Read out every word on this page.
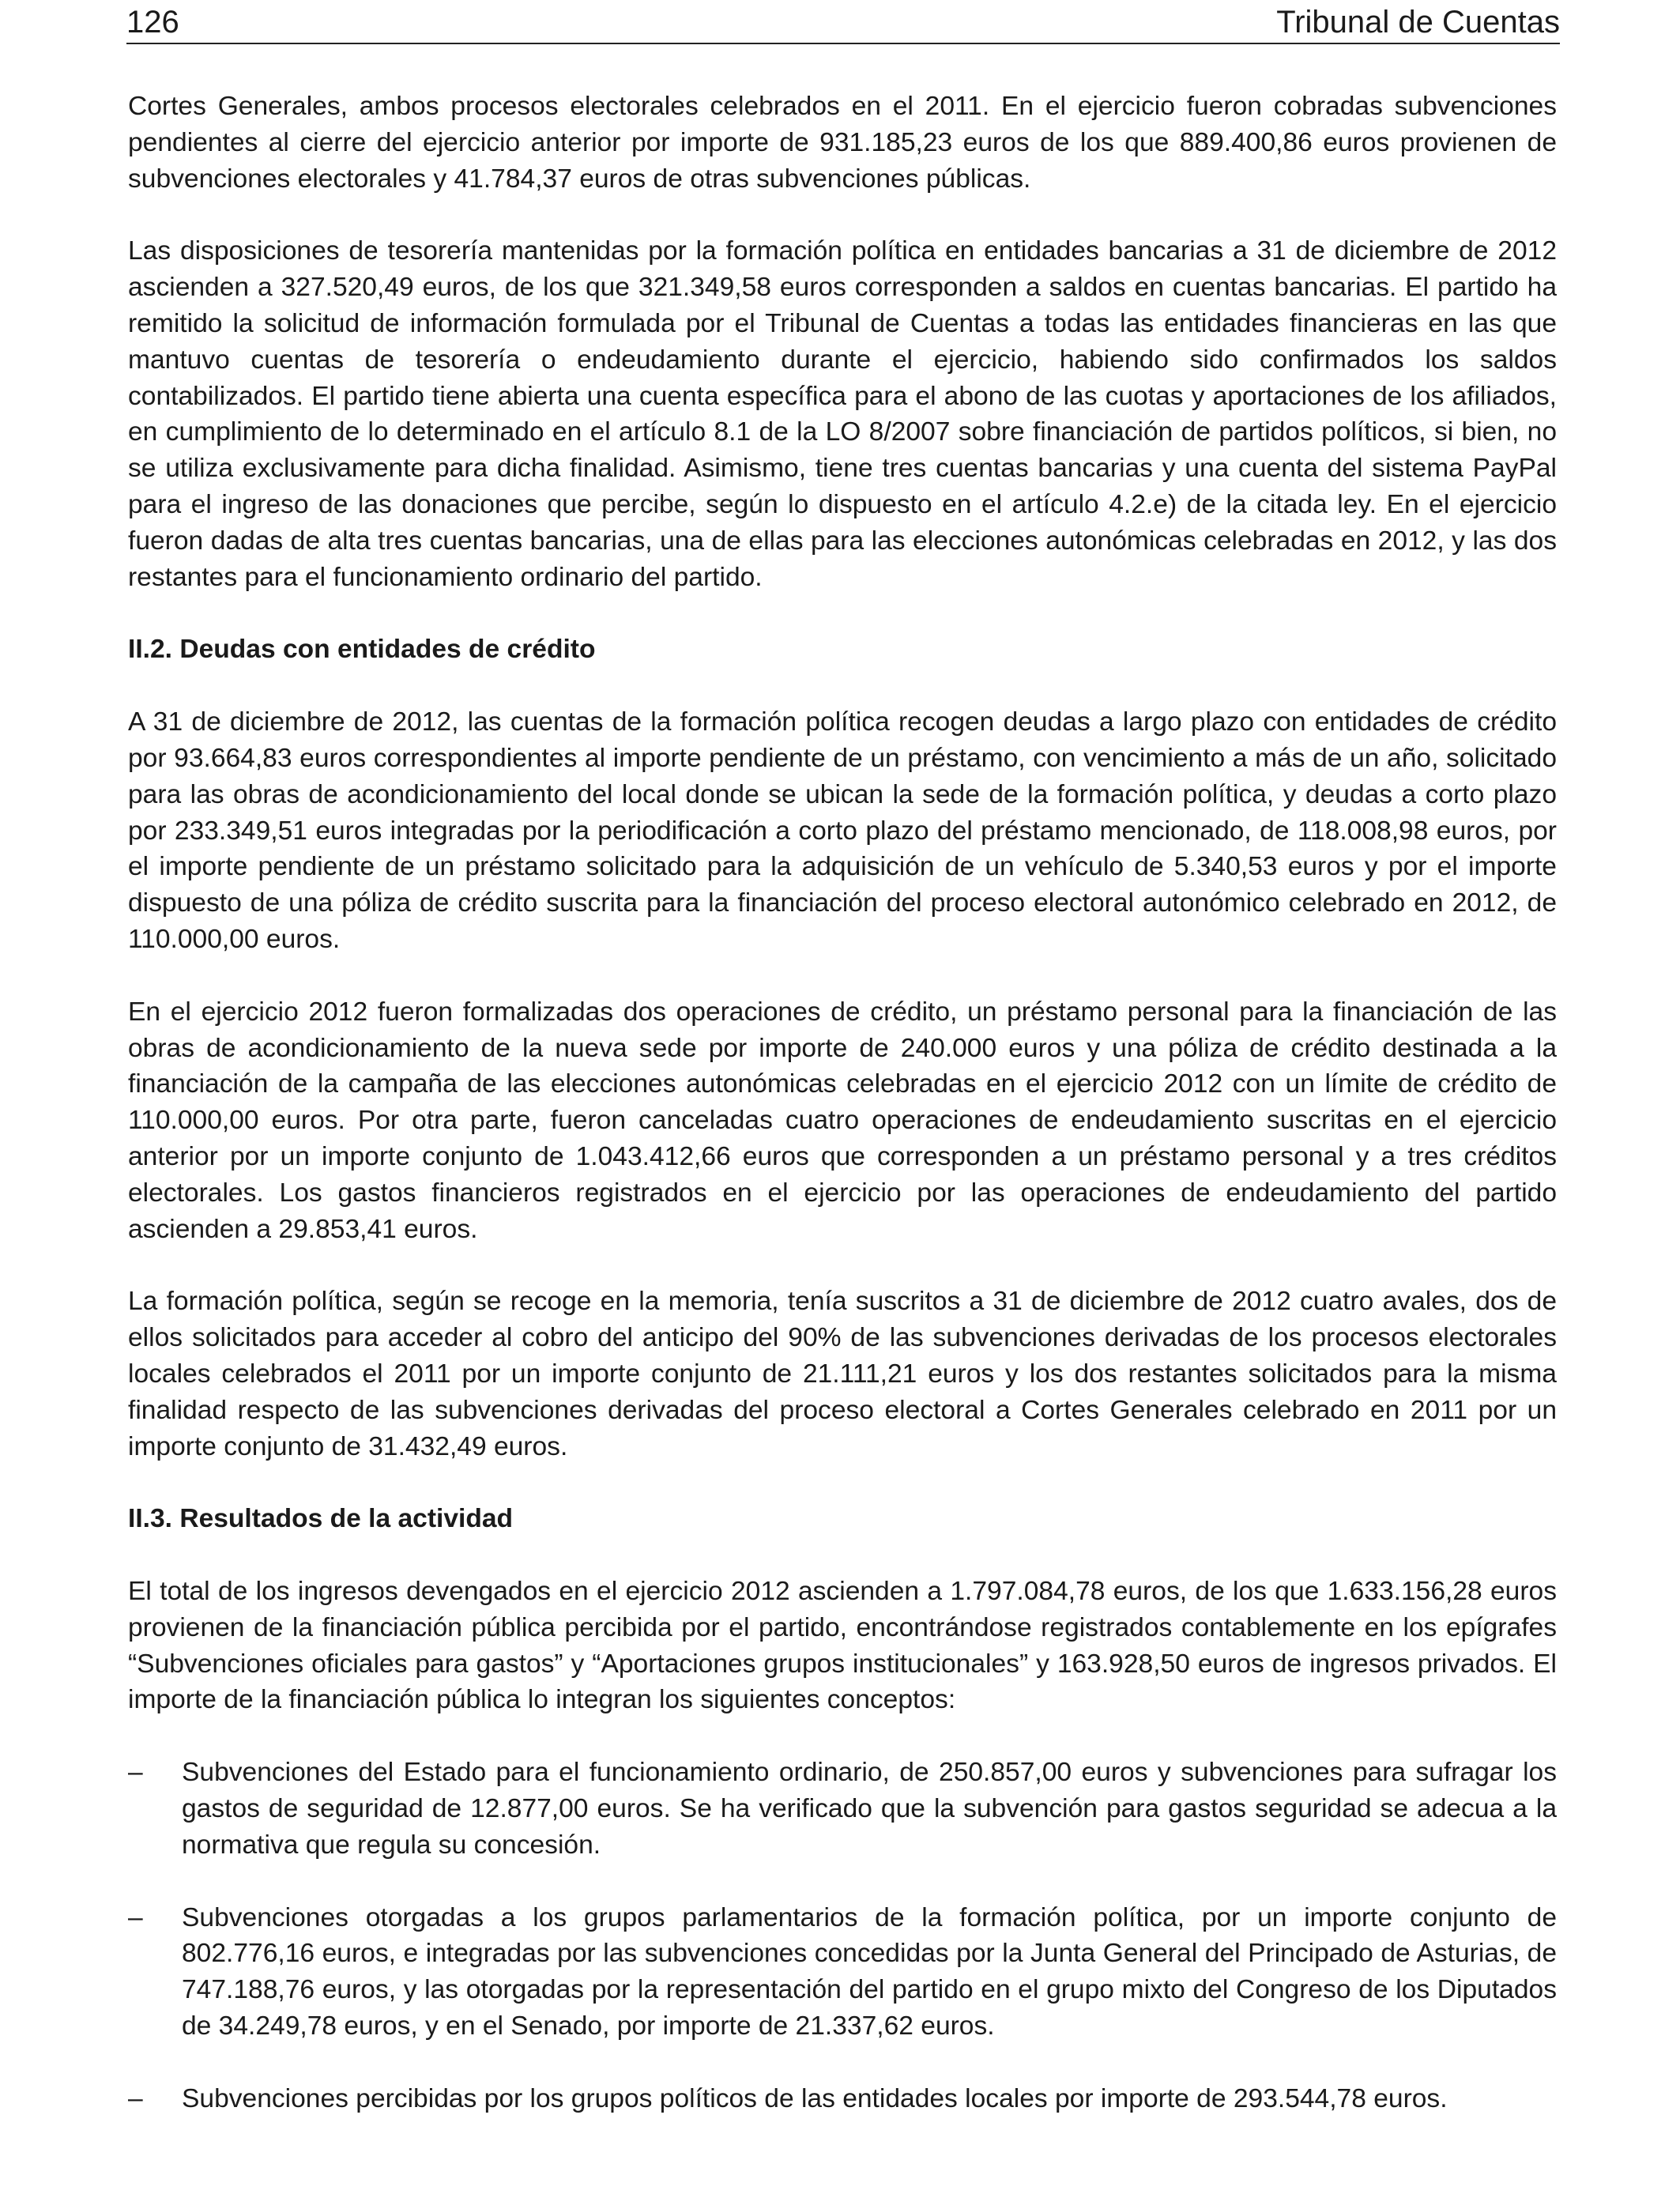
126	Tribunal de Cuentas

Cortes Generales, ambos procesos electorales celebrados en el 2011. En el ejercicio fueron cobradas subvenciones pendientes al cierre del ejercicio anterior por importe de 931.185,23 euros de los que 889.400,86 euros provienen de subvenciones electorales y 41.784,37 euros de otras subvenciones públicas.

Las disposiciones de tesorería mantenidas por la formación política en entidades bancarias a 31 de diciembre de 2012 ascienden a 327.520,49 euros, de los que 321.349,58 euros corresponden a saldos en cuentas bancarias. El partido ha remitido la solicitud de información formulada por el Tribunal de Cuentas a todas las entidades financieras en las que mantuvo cuentas de tesorería o endeudamiento durante el ejercicio, habiendo sido confirmados los saldos contabilizados. El partido tiene abierta una cuenta específica para el abono de las cuotas y aportaciones de los afiliados, en cumplimiento de lo determinado en el artículo 8.1 de la LO 8/2007 sobre financiación de partidos políticos, si bien, no se utiliza exclusivamente para dicha finalidad. Asimismo, tiene tres cuentas bancarias y una cuenta del sistema PayPal para el ingreso de las donaciones que percibe, según lo dispuesto en el artículo 4.2.e) de la citada ley. En el ejercicio fueron dadas de alta tres cuentas bancarias, una de ellas para las elecciones autonómicas celebradas en 2012, y las dos restantes para el funcionamiento ordinario del partido.

II.2. Deudas con entidades de crédito

A 31 de diciembre de 2012, las cuentas de la formación política recogen deudas a largo plazo con entidades de crédito por 93.664,83 euros correspondientes al importe pendiente de un préstamo, con vencimiento a más de un año, solicitado para las obras de acondicionamiento del local donde se ubican la sede de la formación política, y deudas a corto plazo por 233.349,51 euros integradas por la periodificación a corto plazo del préstamo mencionado, de 118.008,98 euros, por el importe pendiente de un préstamo solicitado para la adquisición de un vehículo de 5.340,53 euros y por el importe dispuesto de una póliza de crédito suscrita para la financiación del proceso electoral autonómico celebrado en 2012, de 110.000,00 euros.

En el ejercicio 2012 fueron formalizadas dos operaciones de crédito, un préstamo personal para la financiación de las obras de acondicionamiento de la nueva sede por importe de 240.000 euros y una póliza de crédito destinada a la financiación de la campaña de las elecciones autonómicas celebradas en el ejercicio 2012 con un límite de crédito de 110.000,00 euros. Por otra parte, fueron canceladas cuatro operaciones de endeudamiento suscritas en el ejercicio anterior por un importe conjunto de 1.043.412,66 euros que corresponden a un préstamo personal y a tres créditos electorales. Los gastos financieros registrados en el ejercicio por las operaciones de endeudamiento del partido ascienden a 29.853,41 euros.

La formación política, según se recoge en la memoria, tenía suscritos a 31 de diciembre de 2012 cuatro avales, dos de ellos solicitados para acceder al cobro del anticipo del 90% de las subvenciones derivadas de los procesos electorales locales celebrados el 2011 por un importe conjunto de 21.111,21 euros y los dos restantes solicitados para la misma finalidad respecto de las subvenciones derivadas del proceso electoral a Cortes Generales celebrado en 2011 por un importe conjunto de 31.432,49 euros.

II.3. Resultados de la actividad

El total de los ingresos devengados en el ejercicio 2012 ascienden a 1.797.084,78 euros, de los que 1.633.156,28 euros provienen de la financiación pública percibida por el partido, encontrándose registrados contablemente en los epígrafes “Subvenciones oficiales para gastos” y “Aportaciones grupos institucionales” y 163.928,50 euros de ingresos privados. El importe de la financiación pública lo integran los siguientes conceptos:

–	Subvenciones del Estado para el funcionamiento ordinario, de 250.857,00 euros y subvenciones para sufragar los gastos de seguridad de 12.877,00 euros. Se ha verificado que la subvención para gastos seguridad se adecua a la normativa que regula su concesión.
–	Subvenciones otorgadas a los grupos parlamentarios de la formación política, por un importe conjunto de 802.776,16 euros, e integradas por las subvenciones concedidas por la Junta General del Principado de Asturias, de 747.188,76 euros, y las otorgadas por la representación del partido en el grupo mixto del Congreso de los Diputados de 34.249,78 euros, y en el Senado, por importe de 21.337,62 euros.
–	Subvenciones percibidas por los grupos políticos de las entidades locales por importe de 293.544,78 euros.
